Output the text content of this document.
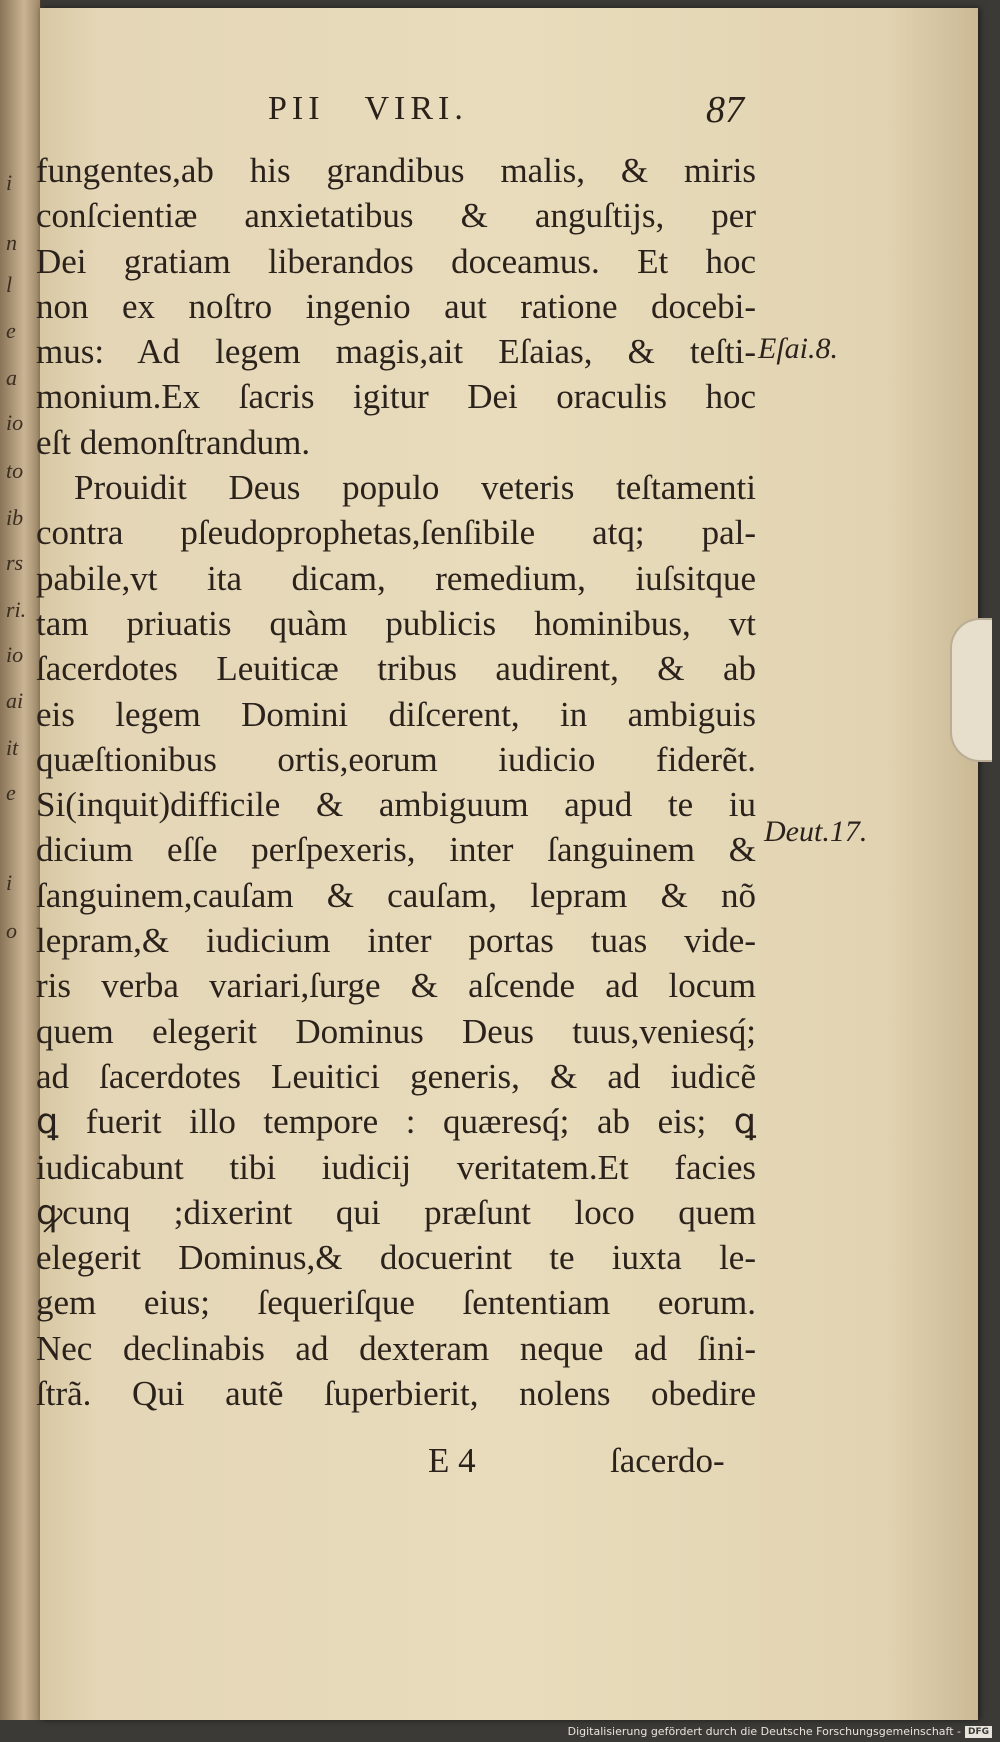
i
n
l
e
a
io
to
ib
rs
ri.
io
ai
it
e
i
o
PII   VIRI.	87
fungentes,ab his grandibus malis, & miris
conſcientiæ anxietatibus & anguſtijs, per
Dei gratiam liberandos doceamus. Et hoc
non ex noſtro ingenio aut ratione docebi-
mus: Ad legem magis,ait Eſaias, & teſti-
monium.Ex ſacris igitur Dei oraculis hoc
eſt demonſtrandum.
Prouidit Deus populo veteris teſtamenti
contra pſeudoprophetas,ſenſibile atq; pal-
pabile,vt ita dicam, remedium, iuſsitque
tam priuatis quàm publicis hominibus, vt
ſacerdotes Leuiticæ tribus audirent, & ab
eis legem Domini diſcerent, in ambiguis
quæſtionibus ortis,eorum iudicio fiderẽt.
Si(inquit)difficile & ambiguum apud te iu
dicium eſſe perſpexeris, inter ſanguinem &
ſanguinem,cauſam & cauſam, lepram & nõ
lepram,& iudicium inter portas tuas vide-
ris verba variari,ſurge & aſcende ad locum
quem elegerit Dominus Deus tuus,veniesq́;
ad ſacerdotes Leuitici generis, & ad iudicẽ
ꝗ fuerit illo tempore : quæresq́; ab eis; ꝗ
iudicabunt tibi iudicij veritatem.Et facies
ꝙcunq ;dixerint qui præſunt loco quem
elegerit Dominus,& docuerint te iuxta le-
gem eius; ſequeriſque ſententiam eorum.
Nec declinabis ad dexteram neque ad ſini-
ſtrã. Qui autẽ ſuperbierit, nolens obedire
Eſai.8.
Deut.17.
E 4	ſacerdo-
Digitalisierung gefördert durch die Deutsche Forschungsgemeinschaft - DFG
